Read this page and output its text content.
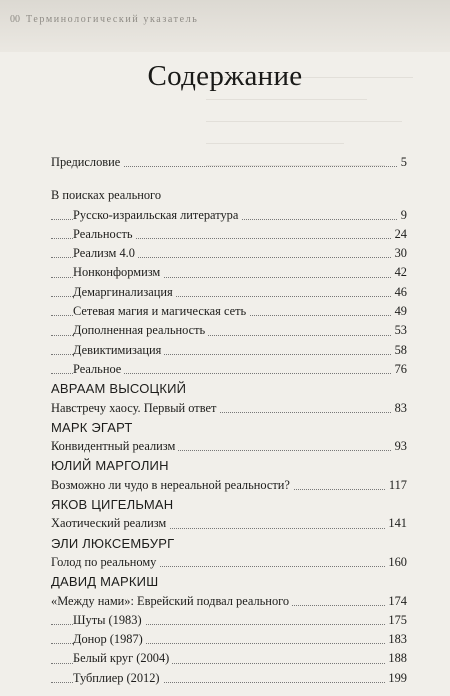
00 Терминологический указатель
Содержание
Предисловие	5
В поисках реального
Русско-израильская литература	9
Реальность	24
Реализм 4.0	30
Нонконформизм	42
Демаргинализация	46
Сетевая магия и магическая сеть	49
Дополненная реальность	53
Девиктимизация	58
Реальное	76
АВРААМ ВЫСОЦКИЙ
Навстречу хаосу. Первый ответ	83
МАРК ЭГАРТ
Конвидентный реализм	93
ЮЛИЙ МАРГОЛИН
Возможно ли чудо в нереальной реальности?	117
ЯКОВ ЦИГЕЛЬМАН
Хаотический реализм	141
ЭЛИ ЛЮКСЕМБУРГ
Голод по реальному	160
ДАВИД МАРКИШ
«Между нами»: Еврейский подвал реального	174
Шуты (1983)	175
Донор (1987)	183
Белый круг (2004)	188
Тубплиер (2012)	199
